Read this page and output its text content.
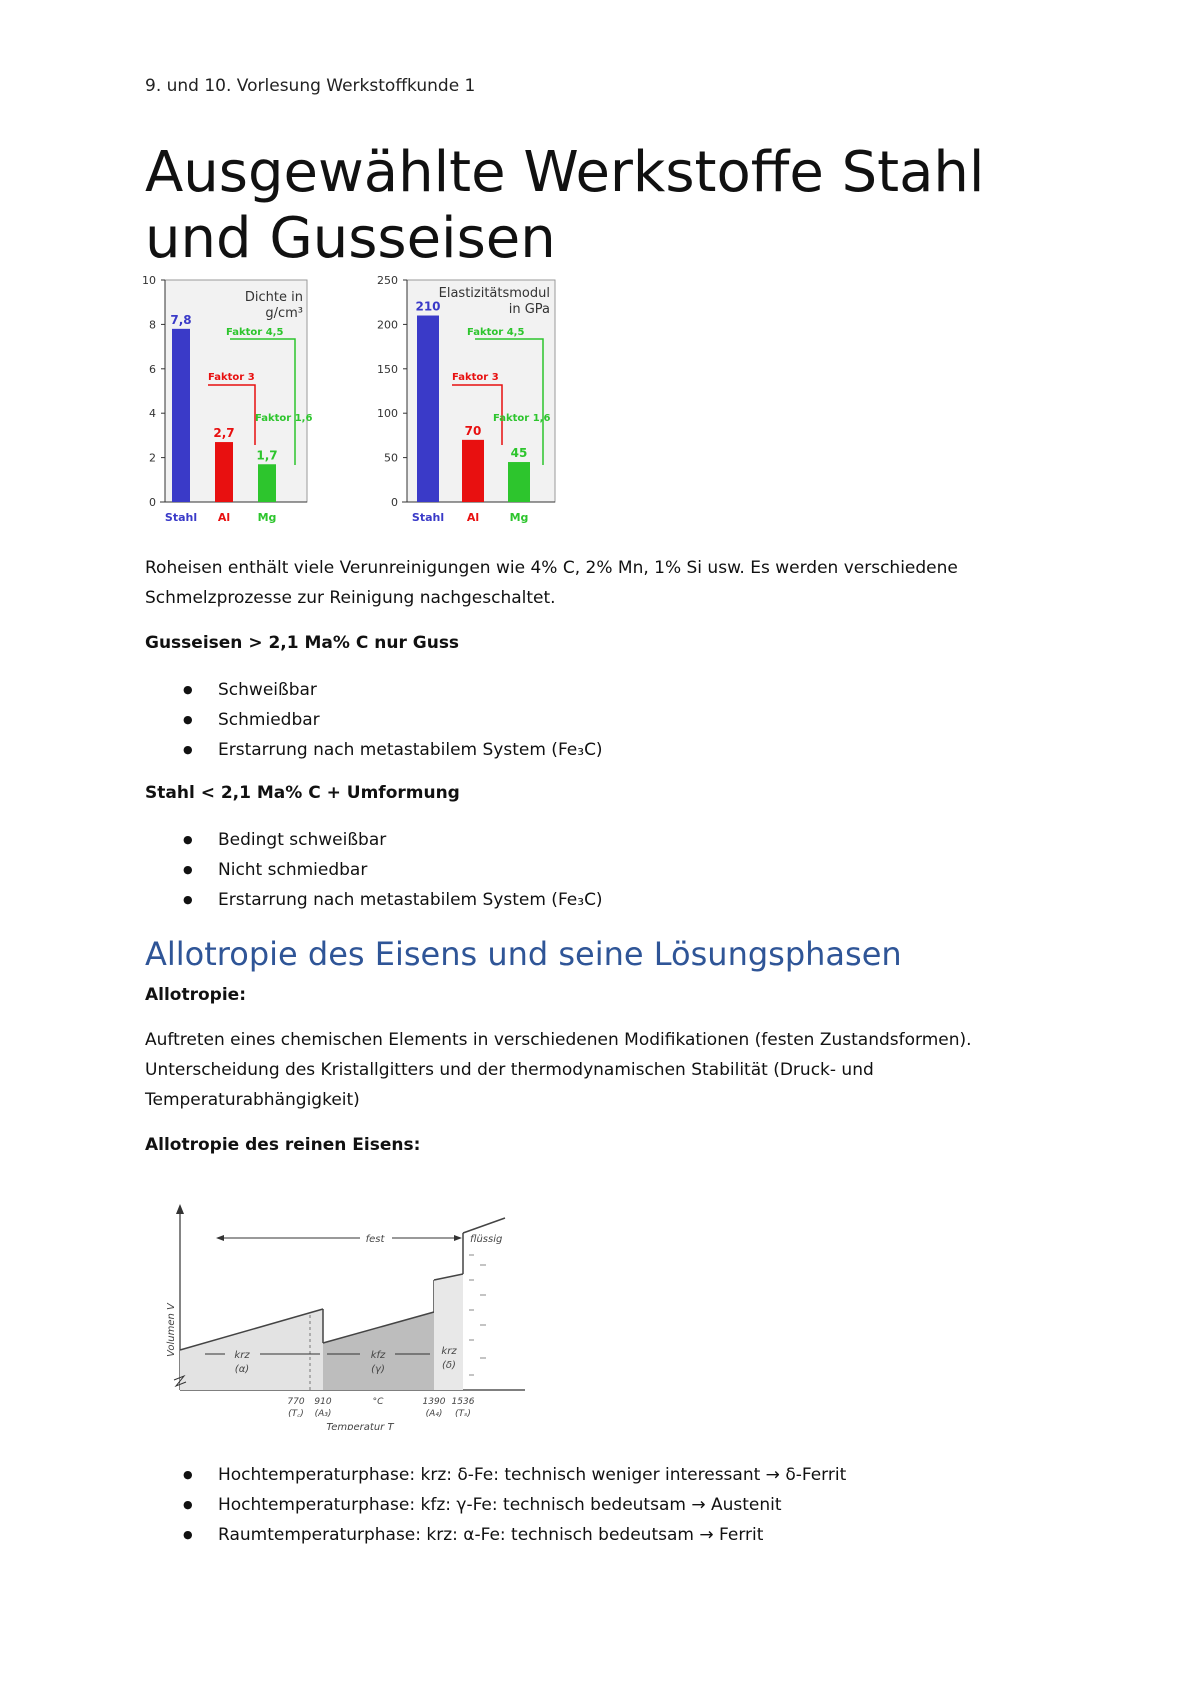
9. und 10. Vorlesung Werkstoffkunde 1
Ausgewählte Werkstoffe Stahl
und Gusseisen
0
2
4
6
8
10
Dichte in
g/cm³
7,8
Stahl
2,7
Al
1,7
Mg
Faktor 4,5
Faktor 3
Faktor 1,6
0
50
100
150
200
250
Elastizitätsmodul
in GPa
210
Stahl
70
Al
45
Mg
Faktor 4,5
Faktor 3
Faktor 1,6

Roheisen enthält viele Verunreinigungen wie 4% C, 2% Mn, 1% Si usw. Es werden verschiedene
Schmelzprozesse zur Reinigung nachgeschaltet.

Gusseisen > 2,1 Ma% C nur Guss

● Schweißbar
● Schmiedbar
● Erstarrung nach metastabilem System (Fe₃C)

Stahl < 2,1 Ma% C + Umformung

● Bedingt schweißbar
● Nicht schmiedbar
● Erstarrung nach metastabilem System (Fe₃C)
Allotropie des Eisens und seine Lösungsphasen

Allotropie:

Auftreten eines chemischen Elements in verschiedenen Modifikationen (festen Zustandsformen).
Unterscheidung des Kristallgitters und der thermodynamischen Stabilität (Druck- und
Temperaturabhängigkeit)

Allotropie des reinen Eisens:

Volumen V
fest	flüssig
krz
(α)
kfz
(γ)
krz
(δ)
770
(T꜀)
910
(A₃)
°C	1390
(A₄)
1536
(Tₛ)
Temperatur T
● Hochtemperaturphase: krz: δ-Fe: technisch weniger interessant → δ-Ferrit
● Hochtemperaturphase: kfz: γ-Fe: technisch bedeutsam → Austenit
● Raumtemperaturphase: krz: α-Fe: technisch bedeutsam → Ferrit
